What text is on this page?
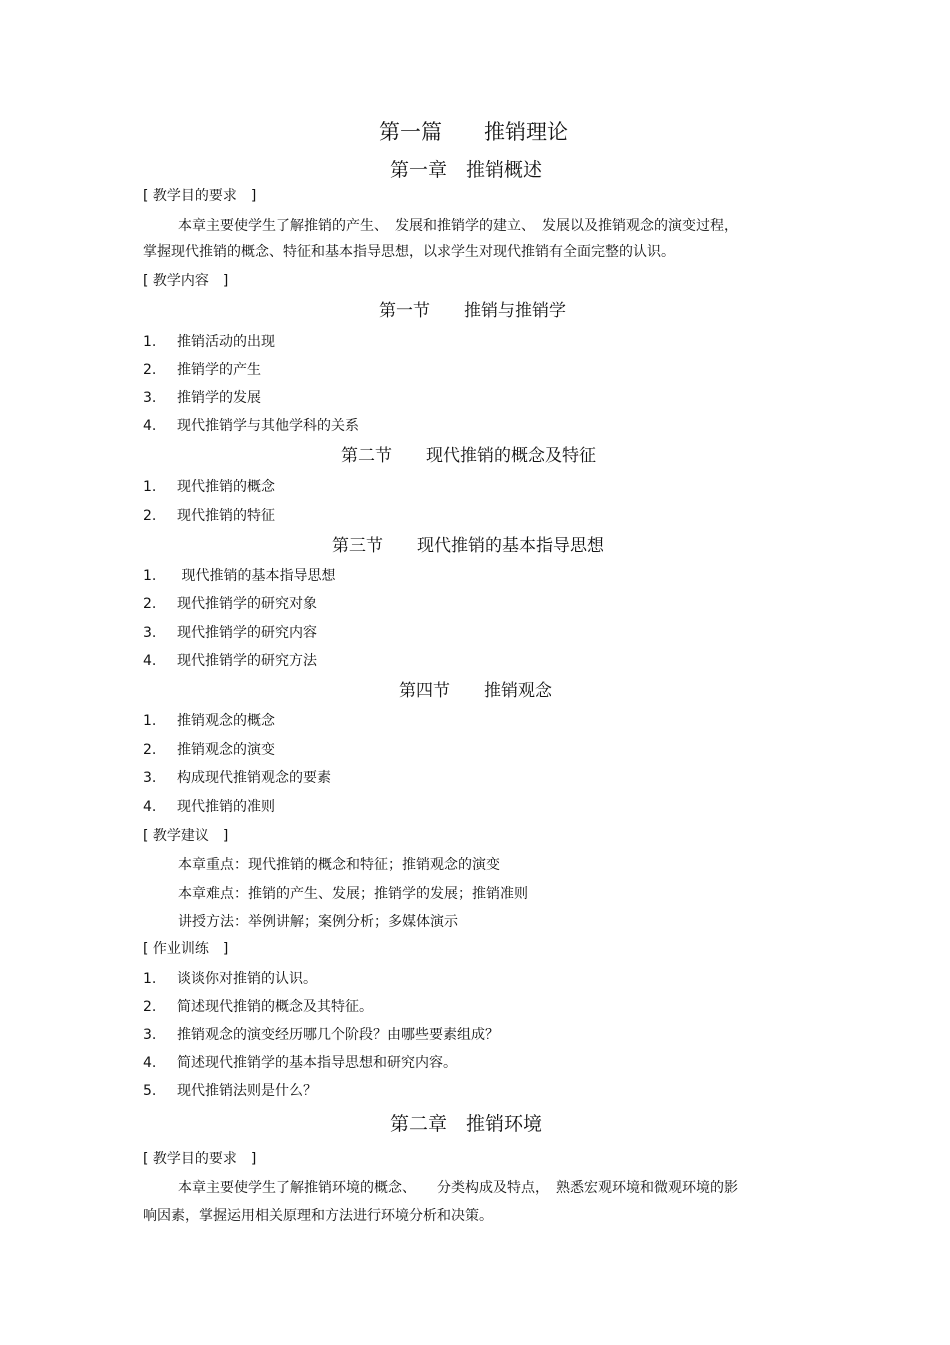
第一篇　　推销理论
第一章　推销概述
[ 教学目的要求　]
本章主要使学生了解推销的产生、　发展和推销学的建立、　发展以及推销观念的演变过程，
掌握现代推销的概念、特征和基本指导思想，以求学生对现代推销有全面完整的认识。
[ 教学内容　]
第一节　　推销与推销学
1. 推销活动的出现
2. 推销学的产生
3. 推销学的发展
4. 现代推销学与其他学科的关系
第二节　　现代推销的概念及特征
1. 现代推销的概念
2. 现代推销的特征
第三节　　现代推销的基本指导思想
1. 现代推销的基本指导思想
2. 现代推销学的研究对象
3. 现代推销学的研究内容
4. 现代推销学的研究方法
第四节　　推销观念
1. 推销观念的概念
2. 推销观念的演变
3. 构成现代推销观念的要素
4. 现代推销的准则
[ 教学建议　]
本章重点：现代推销的概念和特征；推销观念的演变
本章难点：推销的产生、发展；推销学的发展；推销准则
讲授方法：举例讲解；案例分析；多媒体演示
[ 作业训练　]
1. 谈谈你对推销的认识。
2. 简述现代推销的概念及其特征。
3. 推销观念的演变经历哪几个阶段？由哪些要素组成？
4. 简述现代推销学的基本指导思想和研究内容。
5. 现代推销法则是什么？
第二章　推销环境
[ 教学目的要求　]
本章主要使学生了解推销环境的概念、　　分类构成及特点，　熟悉宏观环境和微观环境的影
响因素，掌握运用相关原理和方法进行环境分析和决策。
